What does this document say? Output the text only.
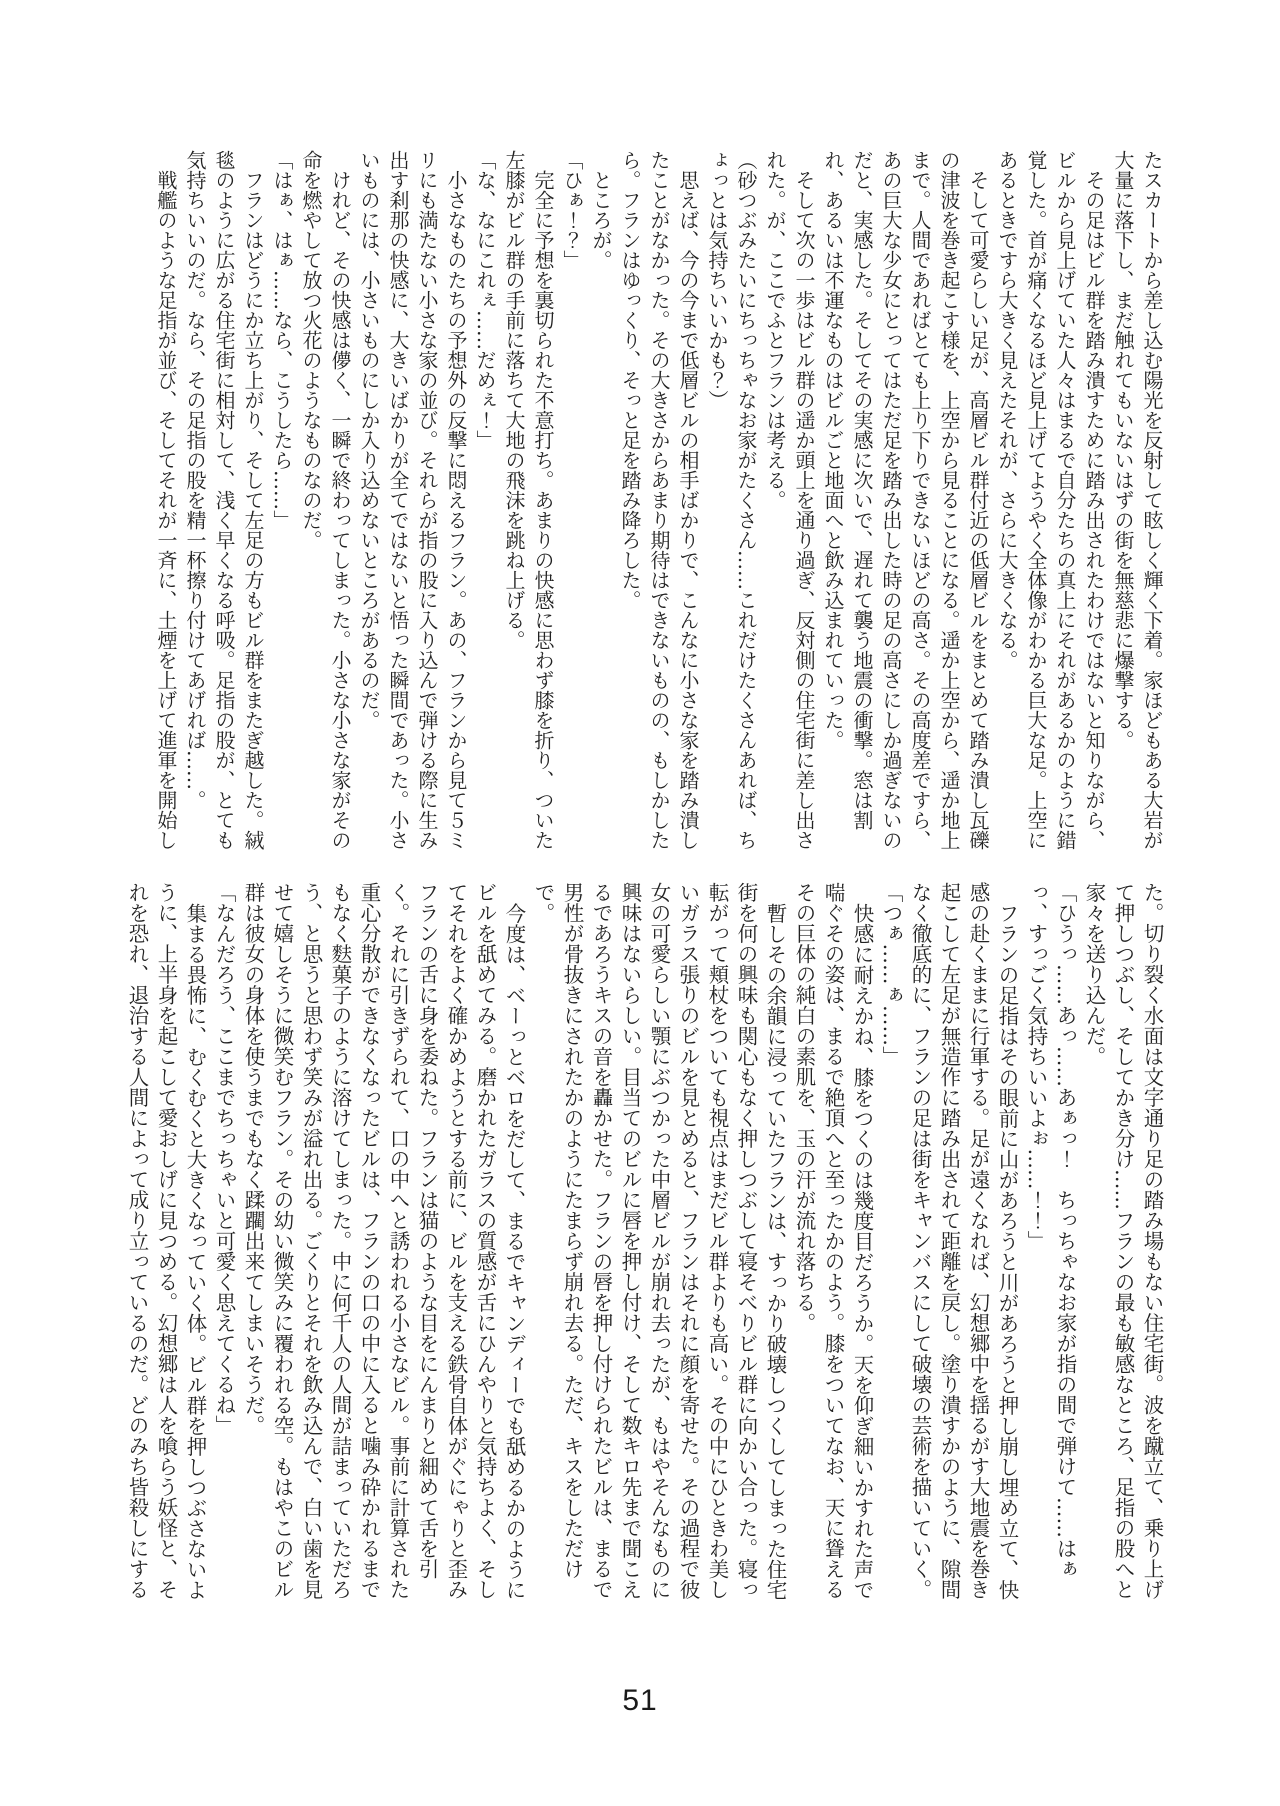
たスカートから差し込む陽光を反射して眩しく輝く下着。家ほどもある大岩が大量に落下し、まだ触れてもいないはずの街を無慈悲に爆撃する。

その足はビル群を踏み潰すために踏み出されたわけではないと知りながら、ビルから見上げていた人々はまるで自分たちの真上にそれがあるかのように錯覚した。首が痛くなるほど見上げてようやく全体像がわかる巨大な足。上空にあるときですら大きく見えたそれが、さらに大きくなる。

そして可愛らしい足が、高層ビル群付近の低層ビルをまとめて踏み潰し瓦礫の津波を巻き起こす様を、上空から見ることになる。遥か上空から、遥か地上まで。人間であればとても上り下りできないほどの高さ。その高度差ですら、あの巨大な少女にとってはただ足を踏み出した時の足の高さにしか過ぎないのだと、実感した。そしてその実感に次いで、遅れて襲う地震の衝撃。窓は割れ、あるいは不運なものはビルごと地面へと飲み込まれていった。

そして次の一歩はビル群の遥か頭上を通り過ぎ、反対側の住宅街に差し出された。が、ここでふとフランは考える。

（砂つぶみたいにちっちゃなお家がたくさん……これだけたくさんあれば、ちょっとは気持ちいいかも？）

思えば、今の今まで低層ビルの相手ばかりで、こんなに小さな家を踏み潰したことがなかった。その大きさからあまり期待はできないものの、もしかしたら。フランはゆっくり、そっと足を踏み降ろした。

ところが。

「ひぁ！？」

完全に予想を裏切られた不意打ち。あまりの快感に思わず膝を折り、ついた左膝がビル群の手前に落ちて大地の飛沫を跳ね上げる。

「な、なにこれぇ……だめぇ！」

小さなものたちの予想外の反撃に悶えるフラン。あの、フランから見て５ミリにも満たない小さな家の並び。それらが指の股に入り込んで弾ける際に生み出す刹那の快感に、大きいばかりが全てではないと悟った瞬間であった。小さいものには、小さいものにしか入り込めないところがあるのだ。

けれど、その快感は儚く、一瞬で終わってしまった。小さな小さな家がその命を燃やして放つ火花のようなものなのだ。

「はぁ、はぁ……なら、こうしたら……」

フランはどうにか立ち上がり、そして左足の方もビル群をまたぎ越した。絨毯のように広がる住宅街に相対して、浅く早くなる呼吸。足指の股が、とても気持ちいいのだ。なら、その足指の股を精一杯擦り付けてあげれば……。

戦艦のような足指が並び、そしてそれが一斉に、土煙を上げて進軍を開始し

た。切り裂く水面は文字通り足の踏み場もない住宅街。波を蹴立て、乗り上げて押しつぶし、そしてかき分け……フランの最も敏感なところ、足指の股へと家々を送り込んだ。

「ひうっ……あっ……あぁっ！　ちっちゃなお家が指の間で弾けて……はぁっ、すっごく気持ちいいよぉ……！！」

フランの足指はその眼前に山があろうと川があろうと押し崩し埋め立て、快感の赴くままに行軍する。足が遠くなれば、幻想郷中を揺るがす大地震を巻き起こして左足が無造作に踏み出されて距離を戻し。塗り潰すかのように、隙間なく徹底的に、フランの足は街をキャンバスにして破壊の芸術を描いていく。

「つぁ……ぁ……」

快感に耐えかね、膝をつくのは幾度目だろうか。天を仰ぎ細いかすれた声で喘ぐその姿は、まるで絶頂へと至ったかのよう。膝をついてなお、天に聳えるその巨体の純白の素肌を、玉の汗が流れ落ちる。

暫しその余韻に浸っていたフランは、すっかり破壊しつくしてしまった住宅街を何の興味も関心もなく押しつぶして寝そべりビル群に向かい合った。寝っ転がって頬杖をついても視点はまだビル群よりも高い。その中にひときわ美しいガラス張りのビルを見とめると、フランはそれに顔を寄せた。その過程で彼女の可愛らしい顎にぶつかった中層ビルが崩れ去ったが、もはやそんなものに興味はないらしい。目当てのビルに唇を押し付け、そして数キロ先まで聞こえるであろうキスの音を轟かせた。フランの唇を押し付けられたビルは、まるで男性が骨抜きにされたかのようにたまらず崩れ去る。ただ、キスをしただけで。

今度は、ベーっとベロをだして、まるでキャンディーでも舐めるかのようにビルを舐めてみる。磨かれたガラスの質感が舌にひんやりと気持ちよく、そしてそれをよく確かめようとする前に、ビルを支える鉄骨自体がぐにゃりと歪みフランの舌に身を委ねた。フランは猫のような目をにんまりと細めて舌を引く。それに引きずられて、口の中へと誘われる小さなビル。事前に計算された重心分散ができなくなったビルは、フランの口の中に入ると噛み砕かれるまでもなく麩菓子のように溶けてしまった。中に何千人の人間が詰まっていただろう、と思うと思わず笑みが溢れ出る。ごくりとそれを飲み込んで、白い歯を見せて嬉しそうに微笑むフラン。その幼い微笑みに覆われる空。もはやこのビル群は彼女の身体を使うまでもなく蹂躙出来てしまいそうだ。

「なんだろう、ここまでちっちゃいと可愛く思えてくるね」

集まる畏怖に、むくむくと大きくなっていく体。ビル群を押しつぶさないように、上半身を起こして愛おしげに見つめる。幻想郷は人を喰らう妖怪と、それを恐れ、退治する人間によって成り立っているのだ。どのみち皆殺しにする

51
